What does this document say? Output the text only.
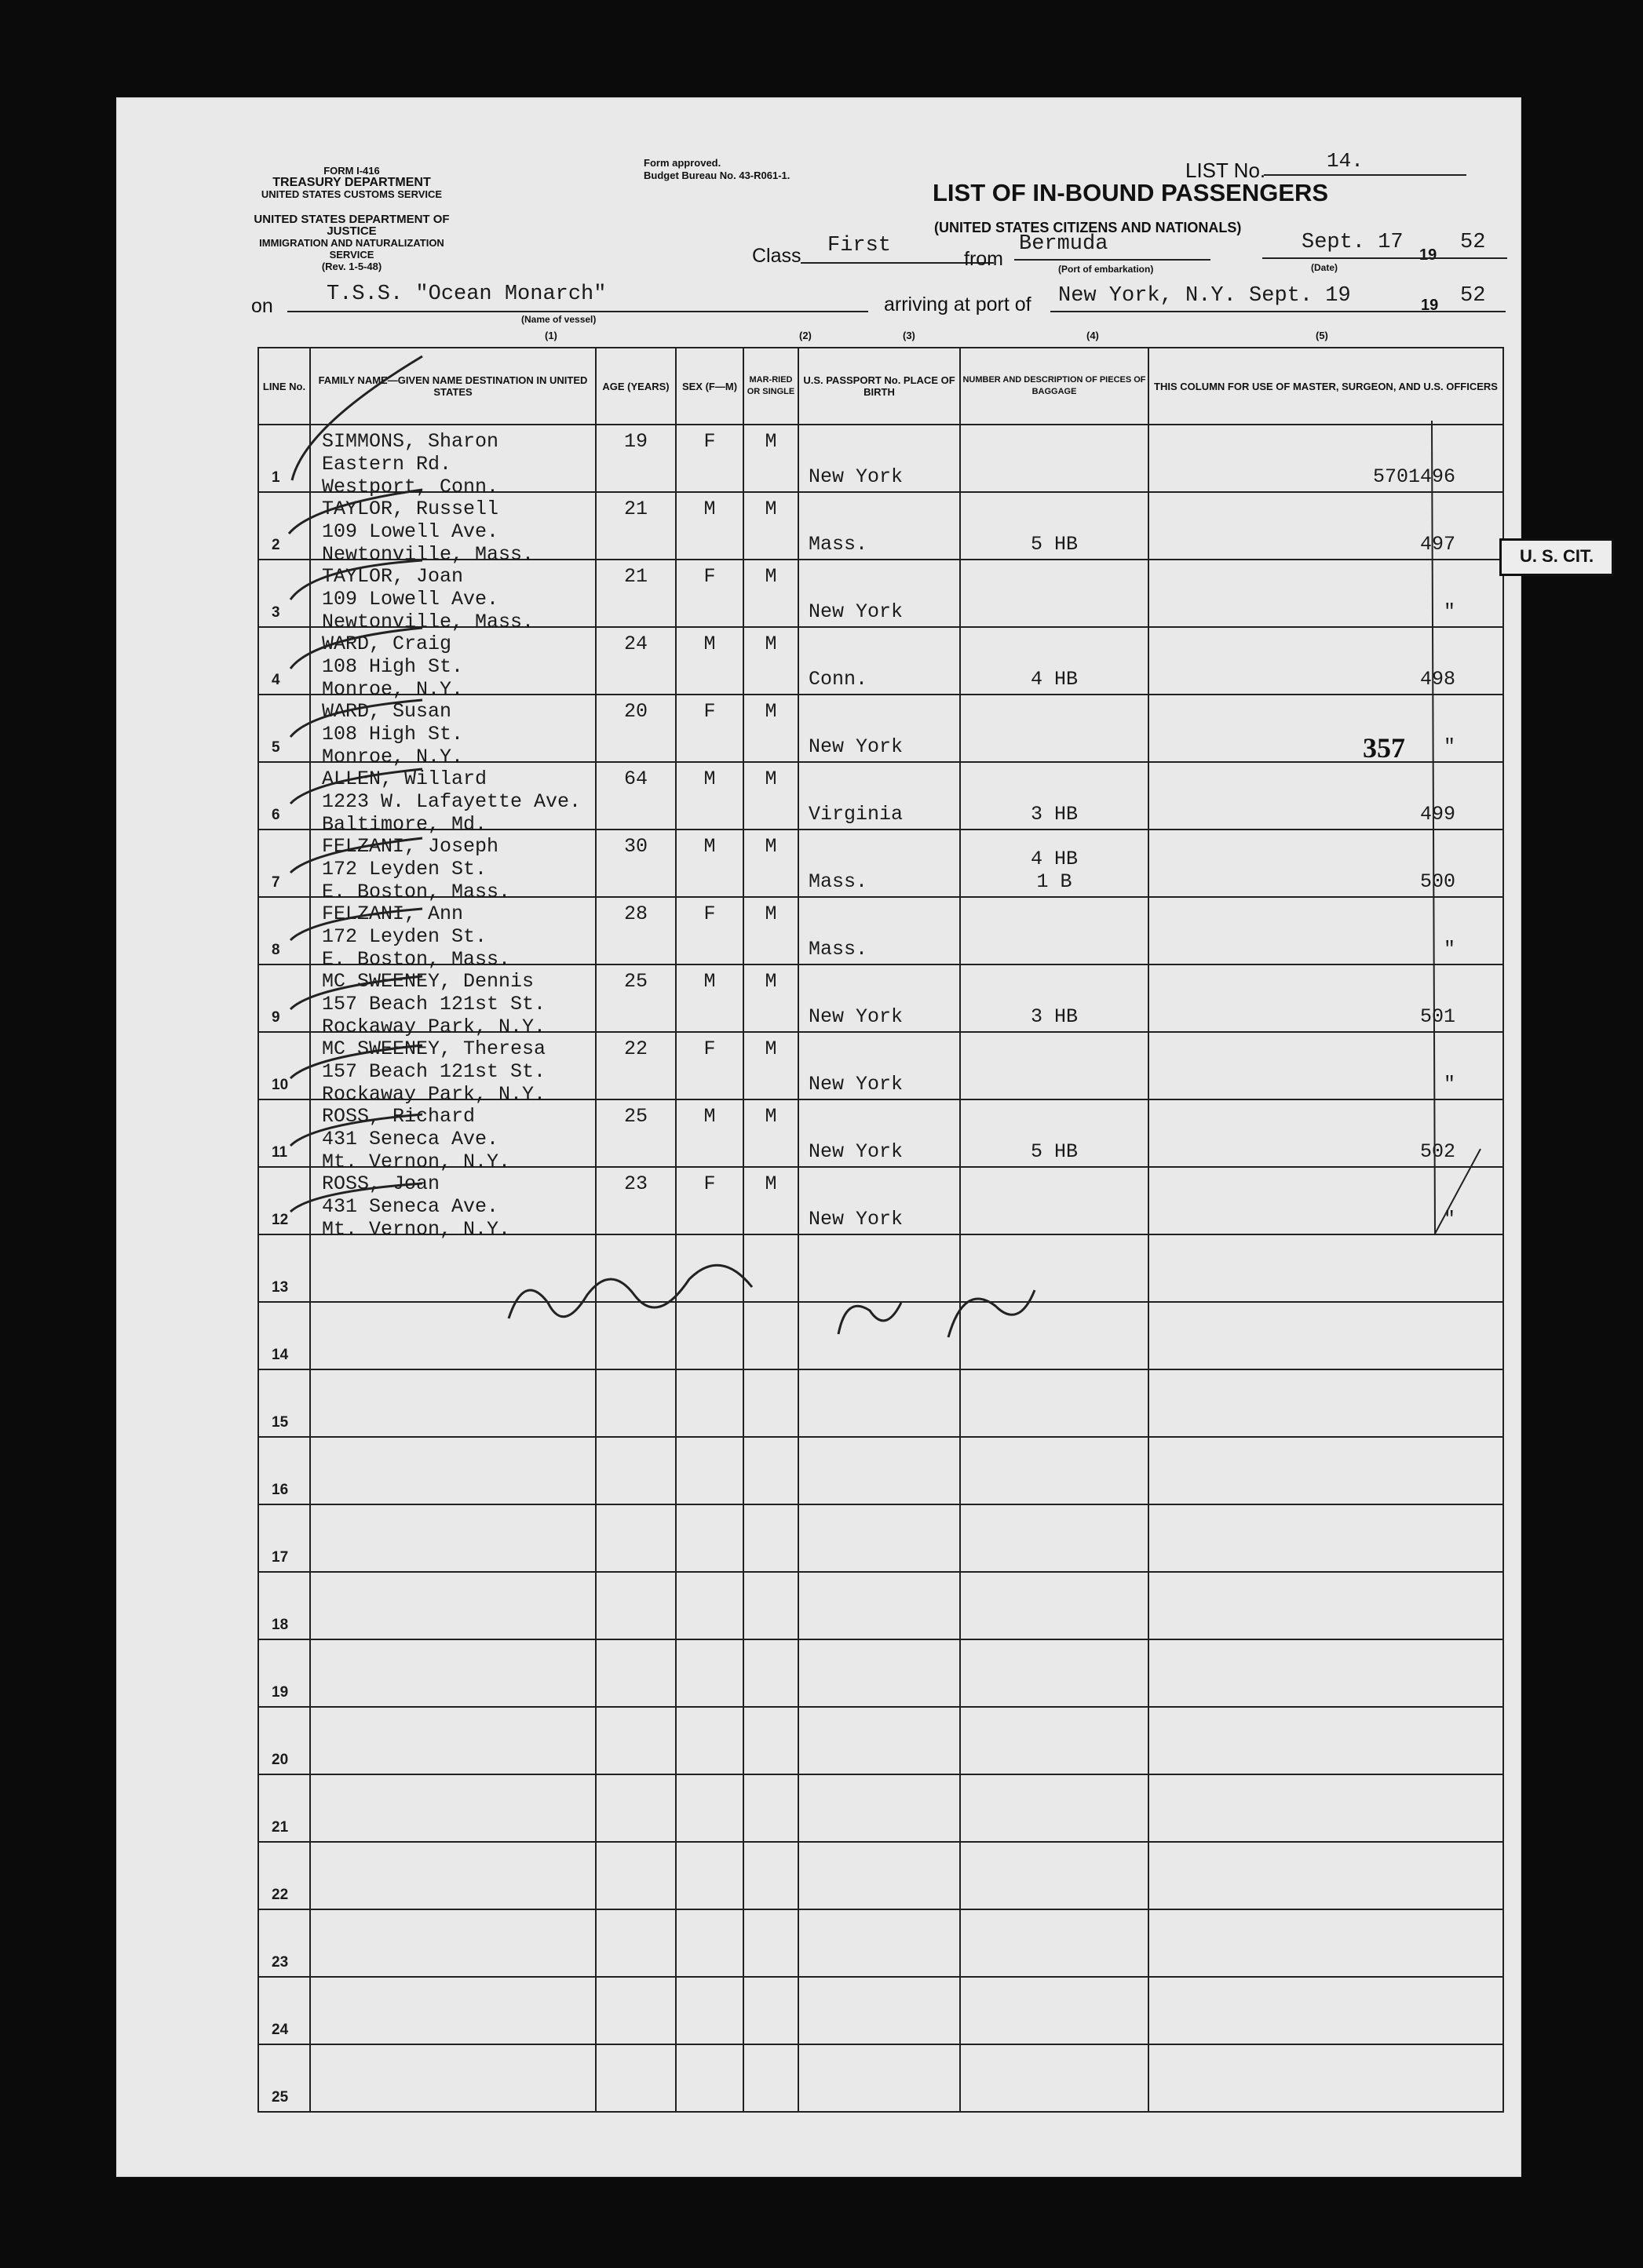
FORM I-416
TREASURY DEPARTMENT
UNITED STATES CUSTOMS SERVICE
UNITED STATES DEPARTMENT OF JUSTICE
IMMIGRATION AND NATURALIZATION SERVICE
(Rev. 1-5-48)
Form approved.
Budget Bureau No. 43-R061-1.	LIST No.	14.
LIST OF IN-BOUND PASSENGERS
(UNITED STATES CITIZENS AND NATIONALS)
Class First
from
Bermuda
(Port of embarkation)
Sept. 17
19
52
(Date)
on	T.S.S. "Ocean Monarch"
(Name of vessel)
arriving at port of New York, N.Y. Sept. 19	19 52
(1)	(2)	(3)	(4)	(5)
LINE No.	FAMILY NAME—GIVEN NAME DESTINATION IN UNITED STATES	AGE (YEARS)	SEX (F—M)	MAR-RIED OR SINGLE	U.S. PASSPORT No. PLACE OF BIRTH	NUMBER AND DESCRIPTION OF PIECES OF BAGGAGE	THIS COLUMN FOR USE OF MASTER, SURGEON, AND U.S. OFFICERS

1	SIMMONS, Sharon
Eastern Rd.
Westport, Conn.	19	F	M	New York		5701496

2	TAYLOR, Russell
109 Lowell Ave.
Newtonville, Mass.	21	M	M	Mass.	5 HB	497

3	TAYLOR, Joan
109 Lowell Ave.
Newtonville, Mass.	21	F	M	New York		"

4	WARD, Craig
108 High St.
Monroe, N.Y.	24	M	M	Conn.	4 HB	498

5	WARD, Susan
108 High St.
Monroe, N.Y.	20	F	M	New York		"

6	ALLEN, Willard
1223 W. Lafayette Ave.
Baltimore, Md.	64	M	M	Virginia	3 HB	499

7	FELZANI, Joseph
172 Leyden St.
E. Boston, Mass.	30	M	M	Mass.	4 HB
1 B	500

8	FELZANI, Ann
172 Leyden St.
E. Boston, Mass.	28	F	M	Mass.		"

9	MC SWEENEY, Dennis
157 Beach 121st St.
Rockaway Park, N.Y.	25	M	M	New York	3 HB	501

10	MC SWEENEY, Theresa
157 Beach 121st St.
Rockaway Park, N.Y.	22	F	M	New York		"

11	ROSS, Richard
431 Seneca Ave.
Mt. Vernon, N.Y.	25	M	M	New York	5 HB	502

12	ROSS, Joan
431 Seneca Ave.
Mt. Vernon, N.Y.	23	F	M	New York		"

13							

14							

15							

16							

17							

18							

19							

20							

21							

22							

23							

24							

25							

U. S. CIT.
357
